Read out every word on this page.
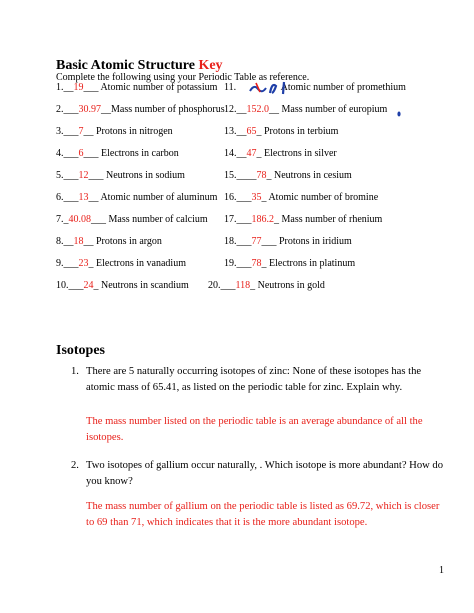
Basic Atomic Structure Key
Complete the following using your Periodic Table as reference.
1.__19___ Atomic number of potassium
2.___30.97__Mass number of phosphorus
3.___7__ Protons in nitrogen
4.___6___ Electrons in carbon
5.___12___ Neutrons in sodium
6.___13__ Atomic number of aluminum
7._40.08___ Mass number of calcium
8.__18__ Protons in argon
9.___23_ Electrons in vanadium
10.___24_ Neutrons in scandium
11.	Atomic number of promethium
12.__152.0__ Mass number of europium
13.__65_ Protons in terbium
14.__47_ Electrons in silver
15.____78_ Neutrons in cesium
16.___35_ Atomic number of bromine
17.___186.2_ Mass number of rhenium
18.___77___ Protons in iridium
19.___78_ Electrons in platinum
20.___118_ Neutrons in gold
Isotopes
1. There are 5 naturally occurring isotopes of zinc: None of these isotopes has the atomic mass of 65.41, as listed on the periodic table for zinc. Explain why.
The mass number listed on the periodic table is an average abundance of all the isotopes.
2. Two isotopes of gallium occur naturally, . Which isotope is more abundant? How do you know?
The mass number of gallium on the periodic table is listed as 69.72, which is closer to 69 than 71, which indicates that it is the more abundant isotope.
1
